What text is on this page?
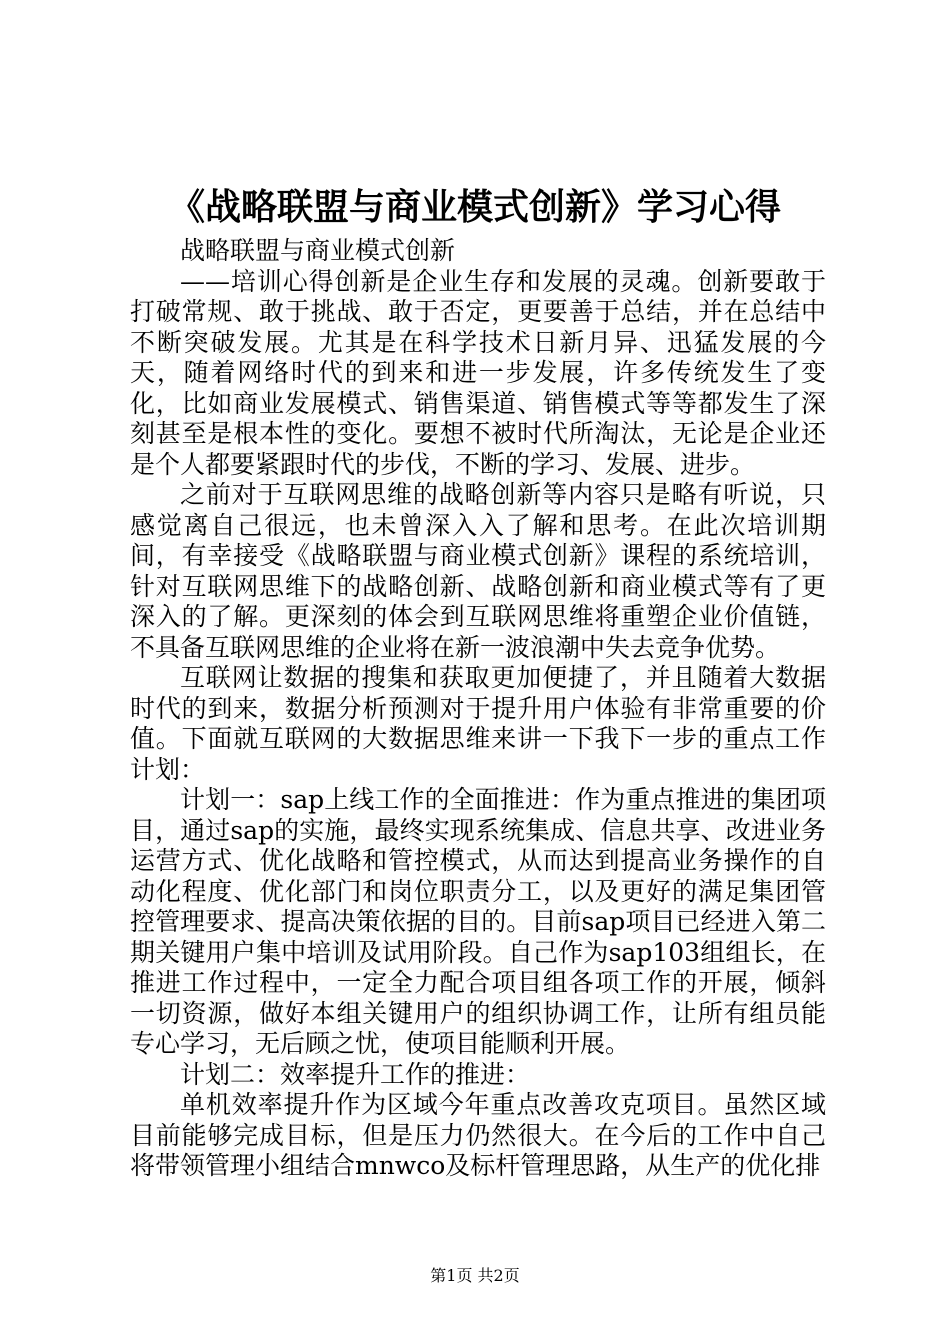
《战略联盟与商业模式创新》学习心得

战略联盟与商业模式创新

——培训心得创新是企业生存和发展的灵魂。创新要敢于打破常规、敢于挑战、敢于否定，更要善于总结，并在总结中不断突破发展。尤其是在科学技术日新月异、迅猛发展的今天，随着网络时代的到来和进一步发展，许多传统发生了变化，比如商业发展模式、销售渠道、销售模式等等都发生了深刻甚至是根本性的变化。要想不被时代所淘汰，无论是企业还是个人都要紧跟时代的步伐，不断的学习、发展、进步。

之前对于互联网思维的战略创新等内容只是略有听说，只感觉离自己很远，也未曾深入入了解和思考。在此次培训期间，有幸接受《战略联盟与商业模式创新》课程的系统培训，针对互联网思维下的战略创新、战略创新和商业模式等有了更深入的了解。更深刻的体会到互联网思维将重塑企业价值链，不具备互联网思维的企业将在新一波浪潮中失去竞争优势。

互联网让数据的搜集和获取更加便捷了，并且随着大数据时代的到来，数据分析预测对于提升用户体验有非常重要的价值。下面就互联网的大数据思维来讲一下我下一步的重点工作计划：

计划一：sap上线工作的全面推进：作为重点推进的集团项目，通过sap的实施，最终实现系统集成、信息共享、改进业务运营方式、优化战略和管控模式，从而达到提高业务操作的自动化程度、优化部门和岗位职责分工，以及更好的满足集团管控管理要求、提高决策依据的目的。目前sap项目已经进入第二期关键用户集中培训及试用阶段。自己作为sap103组组长，在推进工作过程中，一定全力配合项目组各项工作的开展，倾斜一切资源，做好本组关键用户的组织协调工作，让所有组员能专心学习，无后顾之忧，使项目能顺利开展。

计划二：效率提升工作的推进：

单机效率提升作为区域今年重点改善攻克项目。虽然区域目前能够完成目标，但是压力仍然很大。在今后的工作中自己将带领管理小组结合mnwco及标杆管理思路，从生产的优化排

第1页 共2页
